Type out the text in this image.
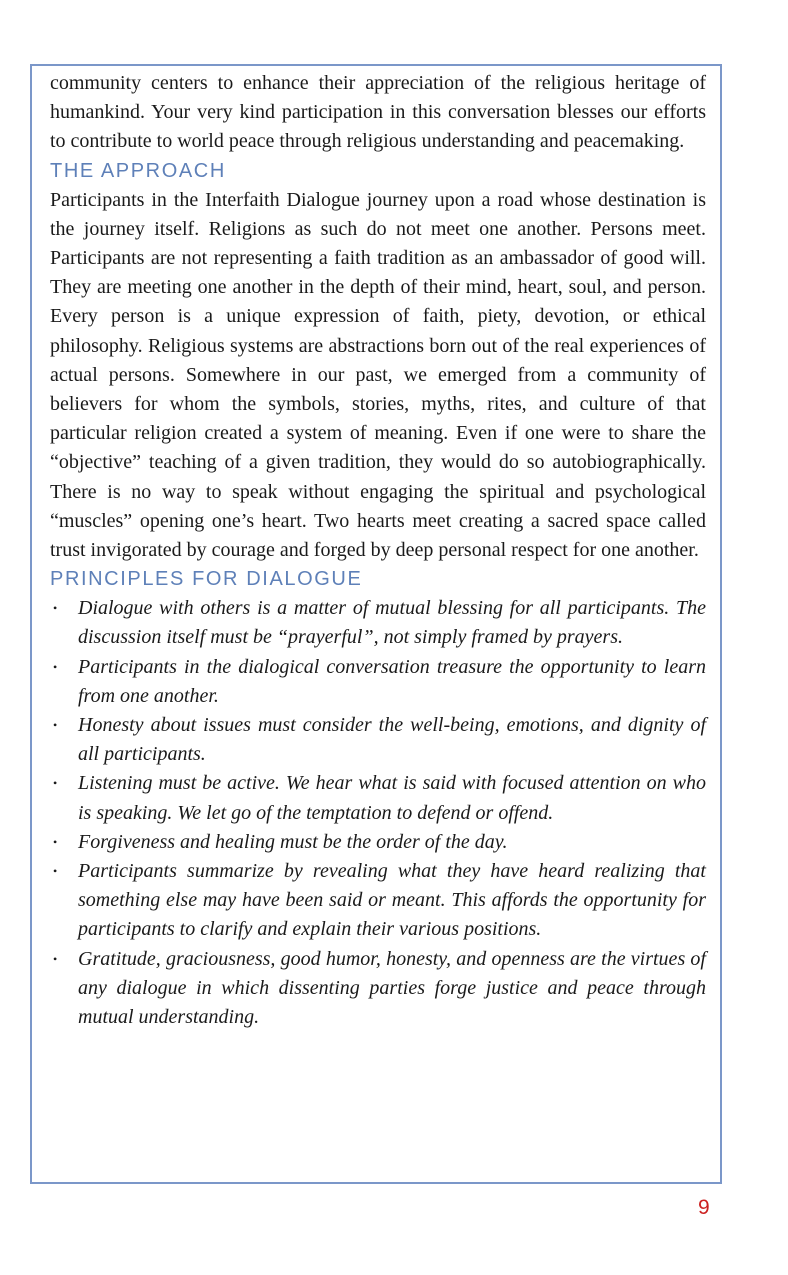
community centers to enhance their appreciation of the religious heritage of humankind. Your very kind participation in this conversation blesses our efforts to contribute to world peace through religious understanding and peacemaking.

THE APPROACH

Participants in the Interfaith Dialogue journey upon a road whose destination is the journey itself. Religions as such do not meet one another. Persons meet. Participants are not representing a faith tradition as an ambassador of good will. They are meeting one another in the depth of their mind, heart, soul, and person. Every person is a unique expression of faith, piety, devotion, or ethical philosophy. Religious systems are abstractions born out of the real experiences of actual persons. Somewhere in our past, we emerged from a community of believers for whom the symbols, stories, myths, rites, and culture of that particular religion created a system of meaning. Even if one were to share the “objective” teaching of a given tradition, they would do so autobiographically. There is no way to speak without engaging the spiritual and psychological “muscles” opening one’s heart. Two hearts meet creating a sacred space called trust invigorated by courage and forged by deep personal respect for one another.

PRINCIPLES FOR DIALOGUE
• Dialogue with others is a matter of mutual blessing for all participants. The discussion itself must be “prayerful”, not simply framed by prayers.
• Participants in the dialogical conversation treasure the opportunity to learn from one another.
• Honesty about issues must consider the well-being, emotions, and dignity of all participants.
• Listening must be active. We hear what is said with focused attention on who is speaking. We let go of the temptation to defend or offend.
• Forgiveness and healing must be the order of the day.
• Participants summarize by revealing what they have heard realizing that something else may have been said or meant. This affords the opportunity for participants to clarify and explain their various positions.
• Gratitude, graciousness, good humor, honesty, and openness are the virtues of any dialogue in which dissenting parties forge justice and peace through mutual understanding.
9
